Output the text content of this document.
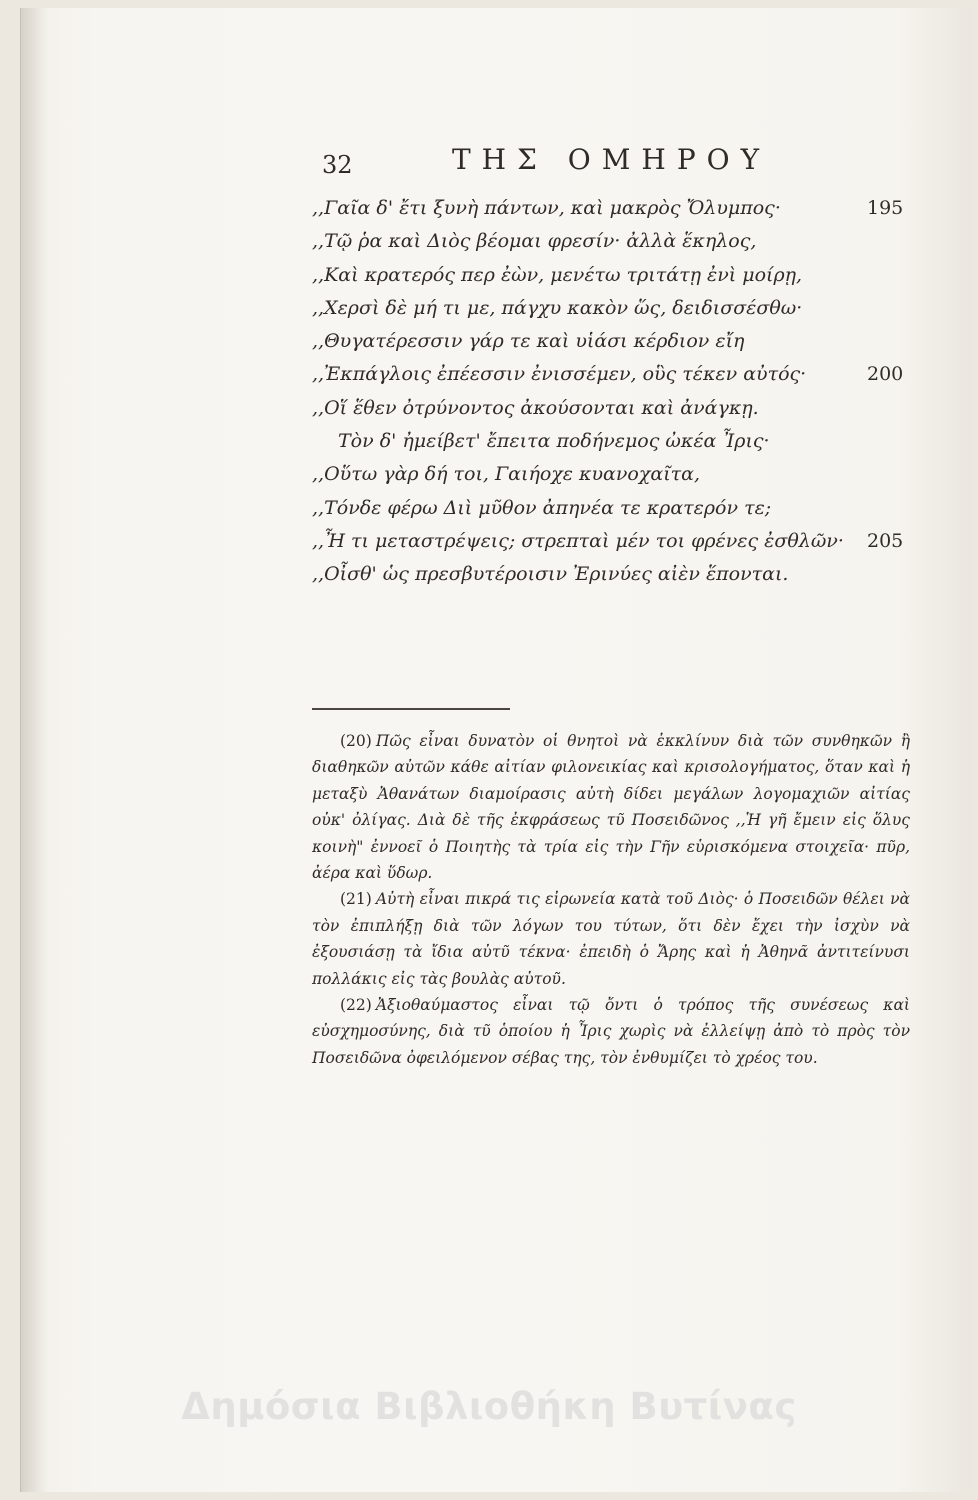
32	ΤΗΣ ΟΜΗΡΟΥ
,,Γαῖα δ' ἔτι ξυνὴ πάντων, καὶ μακρὸς Ὄλυμπος·	195
,,Τῷ ῥα καὶ Διὸς βέομαι φρεσίν· ἀλλὰ ἕκηλος,
,,Καὶ κρατερός περ ἐὼν, μενέτω τριτάτῃ ἐνὶ μοίρῃ,
,,Χερσὶ δὲ μή τι με, πάγχυ κακὸν ὥς, δειδισσέσθω·
,,Θυγατέρεσσιν γάρ τε καὶ υἱάσι κέρδιον εἴη
,,Ἐκπάγλοις ἐπέεσσιν ἐνισσέμεν, οὓς τέκεν αὐτός·	200
,,Οἵ ἕθεν ὀτρύνοντος ἀκούσονται καὶ ἀνάγκῃ.
Τὸν δ' ἠμείβετ' ἔπειτα ποδήνεμος ὠκέα Ἶρις·
,,Οὕτω γὰρ δή τοι, Γαιήοχε κυανοχαῖτα,
,,Τόνδε φέρω Διὶ μῦθον ἀπηνέα τε κρατερόν τε;
,,Ἦ τι μεταστρέψεις; στρεπταὶ μέν τοι φρένες ἐσθλῶν· 205
,,Οἶσθ' ὡς πρεσβυτέροισιν Ἐρινύες αἰὲν ἕπονται.

(20) Πῶς εἶναι δυνατὸν οἱ θνητοὶ νὰ ἐκκλίνυν διὰ τῶν συνθηκῶν ἢ διαθηκῶν αὐτῶν κάθε αἰτίαν φιλονεικίας καὶ κρισολογήματος, ὅταν καὶ ἡ μεταξὺ Ἀθανάτων διαμοίρασις αὐτὴ δίδει μεγάλων λογομαχιῶν αἰτίας οὐκ' ὀλίγας. Διὰ δὲ τῆς ἐκφράσεως τῦ Ποσειδῶνος ,,Ἡ γῆ ἔμειν εἰς ὅλυς κοινὴ" ἐννοεῖ ὁ Ποιητὴς τὰ τρία εἰς τὴν Γῆν εὑρισκόμενα στοιχεῖα· πῦρ, ἀέρα καὶ ὕδωρ.

(21) Αὐτὴ εἶναι πικρά τις εἰρωνεία κατὰ τοῦ Διὸς· ὁ Ποσειδῶν θέλει νὰ τὸν ἐπιπλήξῃ διὰ τῶν λόγων του τύτων, ὅτι δὲν ἔχει τὴν ἰσχὺν νὰ ἐξουσιάσῃ τὰ ἴδια αὐτῦ τέκνα· ἐπειδὴ ὁ Ἄρης καὶ ἡ Ἀθηνᾶ ἀντιτείνυσι πολλάκις εἰς τὰς βουλὰς αὐτοῦ.

(22) Ἀξιοθαύμαστος εἶναι τῷ ὄντι ὁ τρόπος τῆς συνέσεως καὶ εὐσχημοσύνης, διὰ τῦ ὁποίου ἡ Ἶρις χωρὶς νὰ ἐλλείψῃ ἀπὸ τὸ πρὸς τὸν Ποσειδῶνα ὀφειλόμενον σέβας της, τὸν ἐνθυμίζει τὸ χρέος του.

Δημόσια Βιβλιοθήκη Βυτίνας
